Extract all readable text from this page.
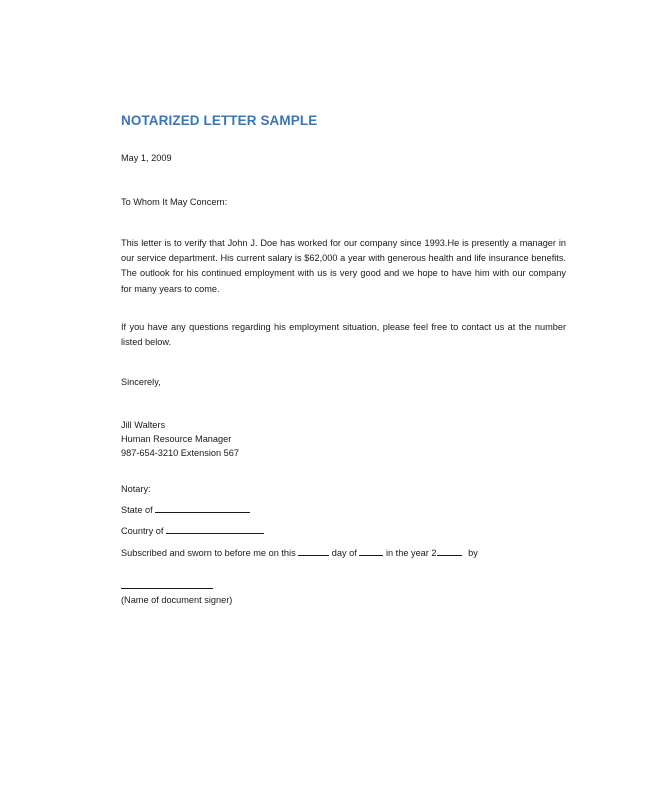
NOTARIZED LETTER SAMPLE
May 1, 2009
To Whom It May Concern:
This letter is to verify that John J. Doe has worked for our company since 1993.He is presently a manager in our service department. His current salary is $62,000 a year with generous health and life insurance benefits. The outlook for his continued employment with us is very good and we hope to have him with our company for many years to come.
If you have any questions regarding his employment situation, please feel free to contact us at the number listed below.
Sincerely,
Jill Walters
Human Resource Manager
987-654-3210 Extension 567
Notary:
State of
Country of
Subscribed and sworn to before me on this	day of	in the year 2	by
(Name of document signer)
